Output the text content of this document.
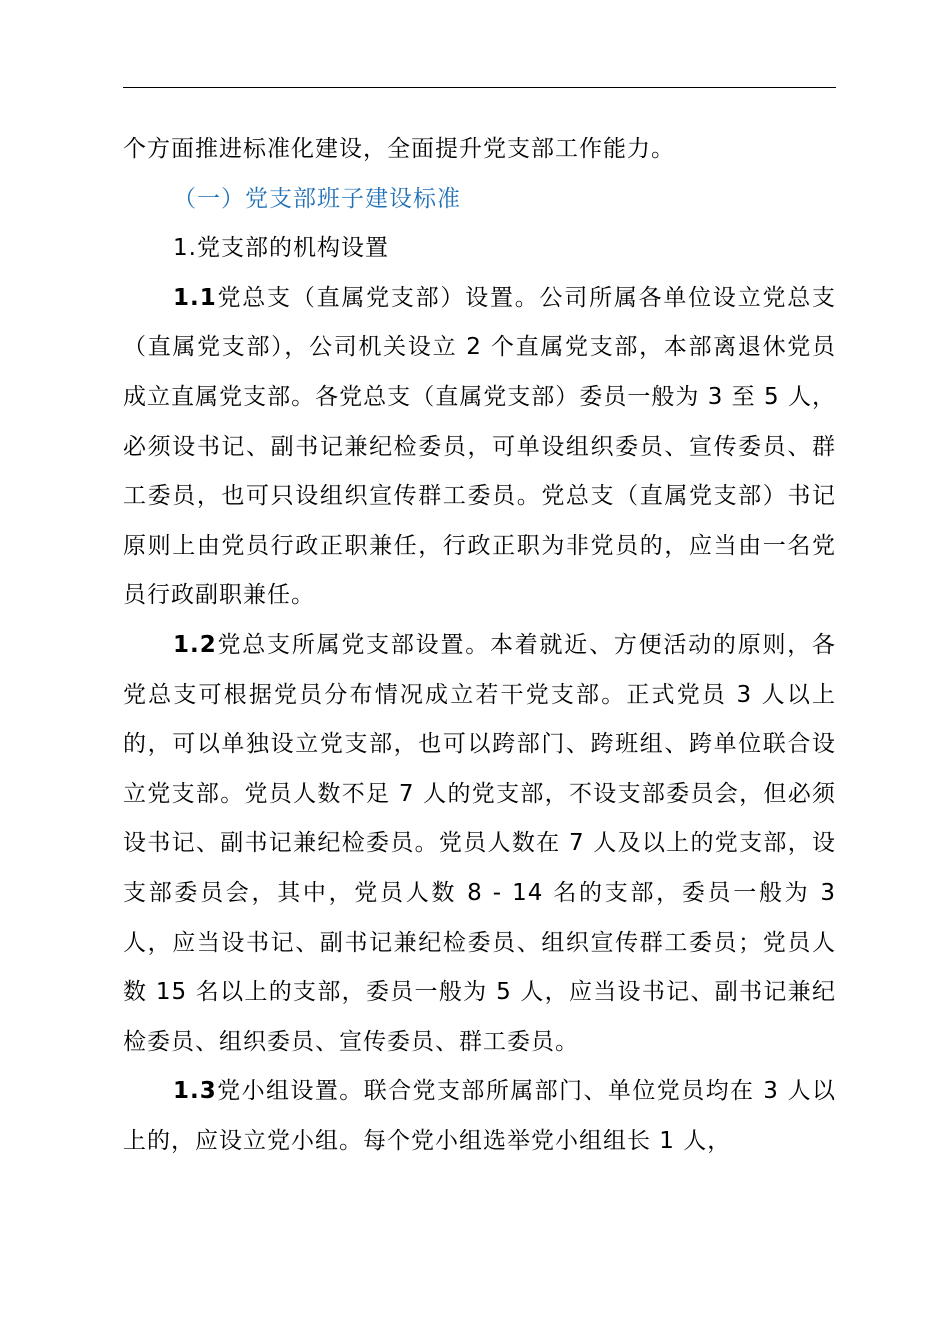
个方面推进标准化建设，全面提升党支部工作能力。

（一）党支部班子建设标准

1.党支部的机构设置

1.1党总支（直属党支部）设置。公司所属各单位设立党总支（直属党支部），公司机关设立 2 个直属党支部，本部离退休党员成立直属党支部。各党总支（直属党支部）委员一般为 3 至 5 人，必须设书记、副书记兼纪检委员，可单设组织委员、宣传委员、群工委员，也可只设组织宣传群工委员。党总支（直属党支部）书记原则上由党员行政正职兼任，行政正职为非党员的，应当由一名党员行政副职兼任。

1.2党总支所属党支部设置。本着就近、方便活动的原则，各党总支可根据党员分布情况成立若干党支部。正式党员 3 人以上的，可以单独设立党支部，也可以跨部门、跨班组、跨单位联合设立党支部。党员人数不足 7 人的党支部，不设支部委员会，但必须设书记、副书记兼纪检委员。党员人数在 7 人及以上的党支部，设支部委员会，其中，党员人数 8 - 14 名的支部，委员一般为 3 人，应当设书记、副书记兼纪检委员、组织宣传群工委员；党员人数 15 名以上的支部，委员一般为 5 人，应当设书记、副书记兼纪检委员、组织委员、宣传委员、群工委员。

1.3党小组设置。联合党支部所属部门、单位党员均在 3 人以上的，应设立党小组。每个党小组选举党小组组长 1 人，
